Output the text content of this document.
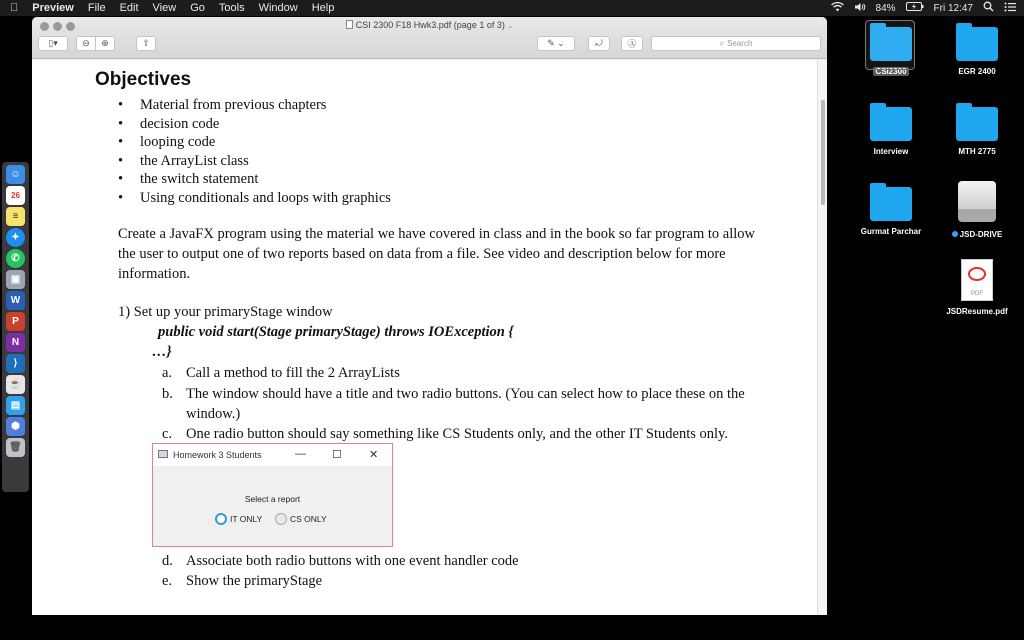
Preview File Edit View Go Tools Window Help	84%	Fri 12:47
☺
26
≡
✦
✆
▣
W
P
N
⟩
☕
▤
⬢
🗑
CSI 2300 F18 Hwk3.pdf (page 1 of 3) ⌄
▯▾	⊖ ⊕	⇧	✎ ⌄	⤾	Ⓐ	⌕ Search
Objectives
• Material from previous chapters
• decision code
• looping code
• the ArrayList class
• the switch statement
• Using conditionals and loops with graphics
Create a JavaFX program using the material we have covered in class and in the book so far program to allow the user to output one of two reports based on data from a file. See video and description below for more information.
1) Set up your primaryStage window
public void start(Stage primaryStage) throws IOException {
…}
a. Call a method to fill the 2 ArrayLists
b. The window should have a title and two radio buttons. (You can select how to place these on the window.)
c. One radio button should say something like CS Students only, and the other IT Students only.
Homework 3 Students	— ☐ ✕
Select a report
IT ONLY	CS ONLY
d. Associate both radio buttons with one event handler code
e. Show the primaryStage
CSI2300	EGR 2400
Interview	MTH 2775
Gurmat Parchar	JSD-DRIVE
PDF
JSDResume.pdf
